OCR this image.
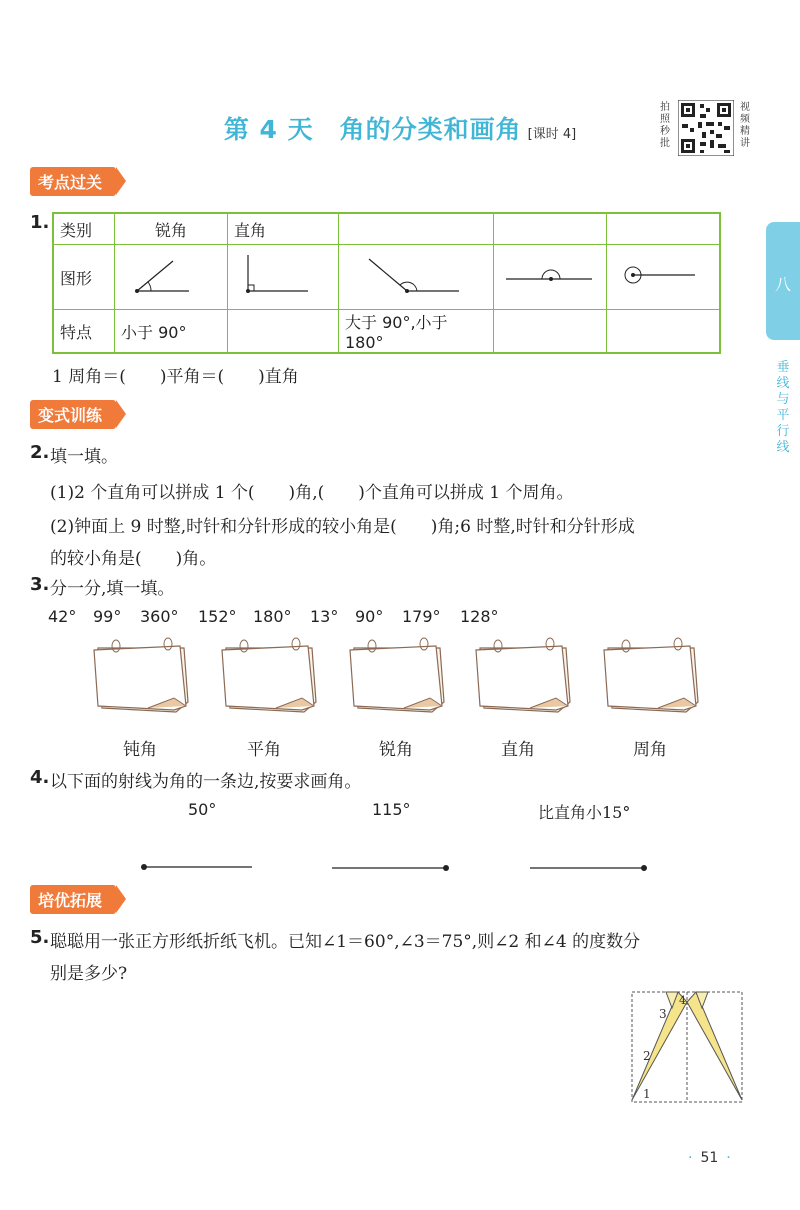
第 4 天　角的分类和画角 [课时 4]
拍照秒批
视频精讲
八
垂线与平行线
考点过关
1. 类别	锐角	直角			
图形					
特点	小于 90°		大于 90°,小于 180°		
1 周角＝(　　)平角＝(　　)直角
变式训练
2. 填一填。
(1)2 个直角可以拼成 1 个(　　)角,(　　)个直角可以拼成 1 个周角。
(2)钟面上 9 时整,时针和分针形成的较小角是(　　)角;6 时整,时针和分针形成
的较小角是(　　)角。
3. 分一分,填一填。
42° 99° 360° 152° 180° 13° 90° 179° 128°
钝角	平角	锐角	直角	周角
4. 以下面的射线为角的一条边,按要求画角。
50°	115°	比直角小15°
培优拓展
5. 聪聪用一张正方形纸折纸飞机。已知∠1＝60°,∠3＝75°,则∠2 和∠4 的度数分
别是多少?
1
2
3
4
· 51 ·
